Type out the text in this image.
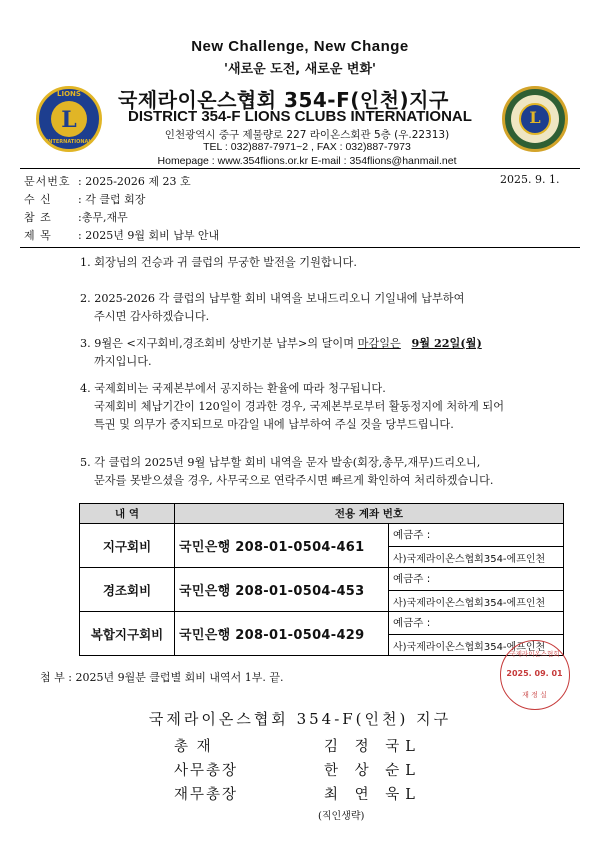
New Challenge, New Change
'새로운 도전, 새로운 변화'
LIONS
L
INTERNATIONAL
L
국제라이온스협회 354-F(인천)지구
DISTRICT 354-F LIONS CLUBS INTERNATIONAL
인천광역시 중구 제물량로 227 라이온스회관 5층 (우.22313)
TEL : 032)887-7971~2 , FAX : 032)887-7973
Homepage : www.354flions.or.kr E-mail : 354flions@hanmail.net
문서번호 : 2025-2026 제 23 호	2025. 9. 1.
수 신 : 각 클럽 회장
참 조 :총무,재무
제 목 : 2025년 9월 회비 납부 안내
1. 회장님의 건승과 귀 클럽의 무궁한 발전을 기원합니다.
2. 2025-2026 각 클럽의 납부할 회비 내역을 보내드리오니 기일내에 납부하여
주시면 감사하겠습니다.
3. 9월은 <지구회비,경조회비 상반기분 납부>의 달이며 마감일은 9월 22일(월)
까지입니다.
4. 국제회비는 국제본부에서 공지하는 환율에 따라 청구됩니다.
국제회비 체납기간이 120일이 경과한 경우, 국제본부로부터 활동정지에 처하게 되어
특권 및 의무가 중지되므로 마감일 내에 납부하여 주실 것을 당부드립니다.
5. 각 클럽의 2025년 9월 납부할 회비 내역을 문자 발송(회장,총무,재무)드리오니,
문자를 못받으셨을 경우, 사무국으로 연락주시면 빠르게 확인하여 처리하겠습니다.
내 역	전용 계좌 번호	
지구회비	국민은행 208-01-0504-461	예금주 :
사)국제라이온스협회354-에프인천

경조회비	국민은행 208-01-0504-453	예금주 :
사)국제라이온스협회354-에프인천

복합지구회비	국민은행 208-01-0504-429	예금주 :
사)국제라이온스협회354-에프인천
첨 부 : 2025년 9월분 클럽별 회비 내역서 1부. 끝.
국제라이온스협회
2025. 09. 01
재 정 실
국제라이온스협회 354-F(인천) 지구
총 재	김 정 국L
사무총장	한 상 순L
재무총장	최 연 욱L
(직인생략)
